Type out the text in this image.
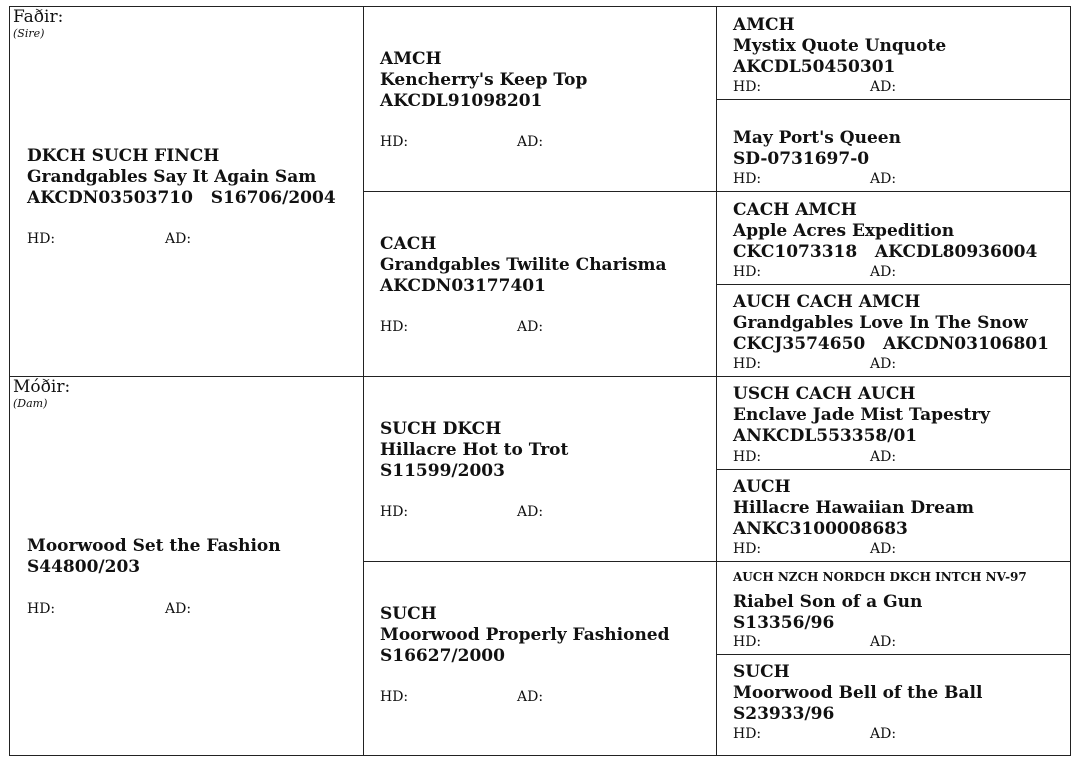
Faðir:
(Sire)
DKCH SUCH FINCH
Grandgables Say It Again Sam
AKCDN03503710   S16706/2004
HD:	AD:
Móðir:
(Dam)
Moorwood Set the Fashion
S44800/203
HD:	AD:
AMCH
Kencherry's Keep Top
AKCDL91098201
HD:	AD:
CACH
Grandgables Twilite Charisma
AKCDN03177401
HD:	AD:
SUCH DKCH
Hillacre Hot to Trot
S11599/2003
HD:	AD:
SUCH
Moorwood Properly Fashioned
S16627/2000
HD:	AD:
AMCH
Mystix Quote Unquote
AKCDL50450301
HD:	AD:
May Port's Queen
SD-0731697-0
HD:	AD:
CACH AMCH
Apple Acres Expedition
CKC1073318   AKCDL80936004
HD:	AD:
AUCH CACH AMCH
Grandgables Love In The Snow
CKCJ3574650   AKCDN03106801
HD:	AD:
USCH CACH AUCH
Enclave Jade Mist Tapestry
ANKCDL553358/01
HD:	AD:
AUCH
Hillacre Hawaiian Dream
ANKC3100008683
HD:	AD:
AUCH NZCH NORDCH DKCH INTCH NV-97
Riabel Son of a Gun
S13356/96
HD:	AD:
SUCH
Moorwood Bell of the Ball
S23933/96
HD:	AD:
